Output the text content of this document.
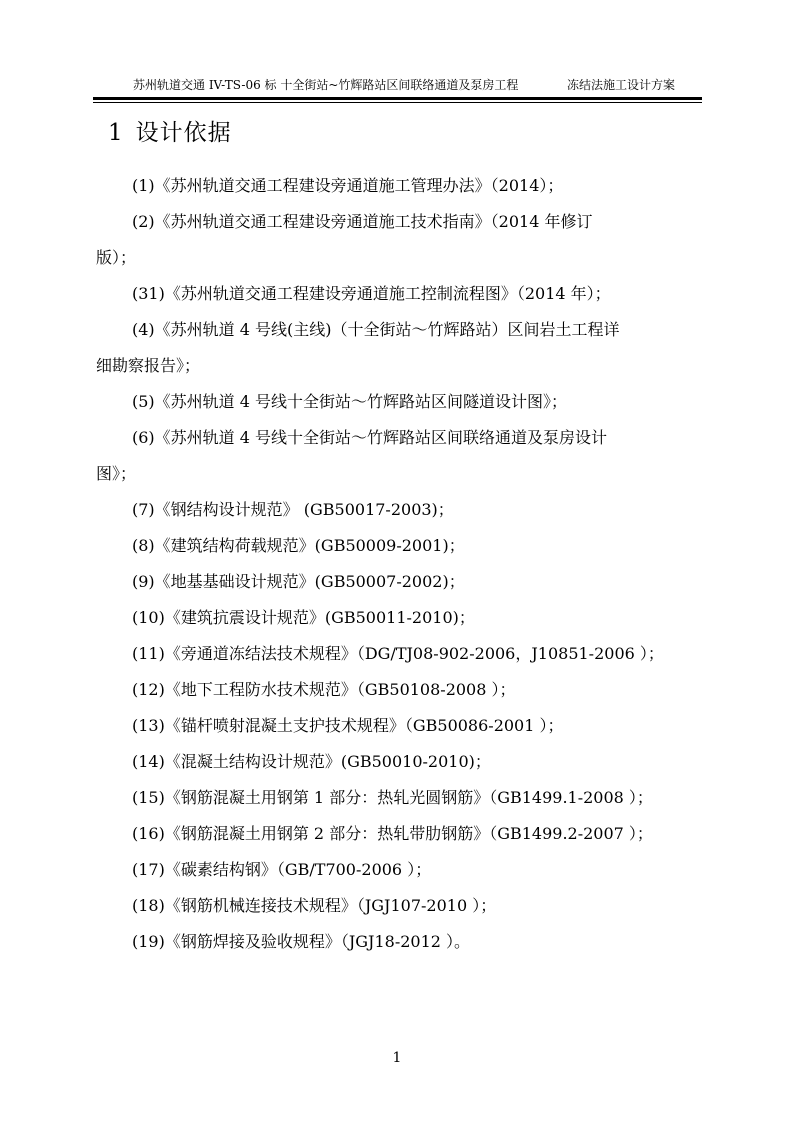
苏州轨道交通 IV-TS-06 标 十全街站~竹辉路站区间联络通道及泵房工程	冻结法施工设计方案
1 设计依据
(1)《苏州轨道交通工程建设旁通道施工管理办法》（2014）；
(2)《苏州轨道交通工程建设旁通道施工技术指南》（2014 年修订
版）；
(31)《苏州轨道交通工程建设旁通道施工控制流程图》（2014 年）；
(4)《苏州轨道 4 号线(主线)（十全街站～竹辉路站）区间岩土工程详
细勘察报告》；
(5)《苏州轨道 4 号线十全街站～竹辉路站区间隧道设计图》；
(6)《苏州轨道 4 号线十全街站～竹辉路站区间联络通道及泵房设计
图》；
(7)《钢结构设计规范》 (GB50017-2003)；
(8)《建筑结构荷载规范》(GB50009-2001)；
(9)《地基基础设计规范》(GB50007-2002)；
(10)《建筑抗震设计规范》(GB50011-2010)；
(11)《旁通道冻结法技术规程》（DG/TJ08-902-2006，J10851-2006 ）；
(12)《地下工程防水技术规范》（GB50108-2008 ）；
(13)《锚杆喷射混凝土支护技术规程》（GB50086-2001 ）；
(14)《混凝土结构设计规范》(GB50010-2010)；
(15)《钢筋混凝土用钢第 1 部分：热轧光圆钢筋》（GB1499.1-2008 ）；
(16)《钢筋混凝土用钢第 2 部分：热轧带肋钢筋》（GB1499.2-2007 ）；
(17)《碳素结构钢》（GB/T700-2006 ）；
(18)《钢筋机械连接技术规程》（JGJ107-2010 ）；
(19)《钢筋焊接及验收规程》（JGJ18-2012 ）。
1
